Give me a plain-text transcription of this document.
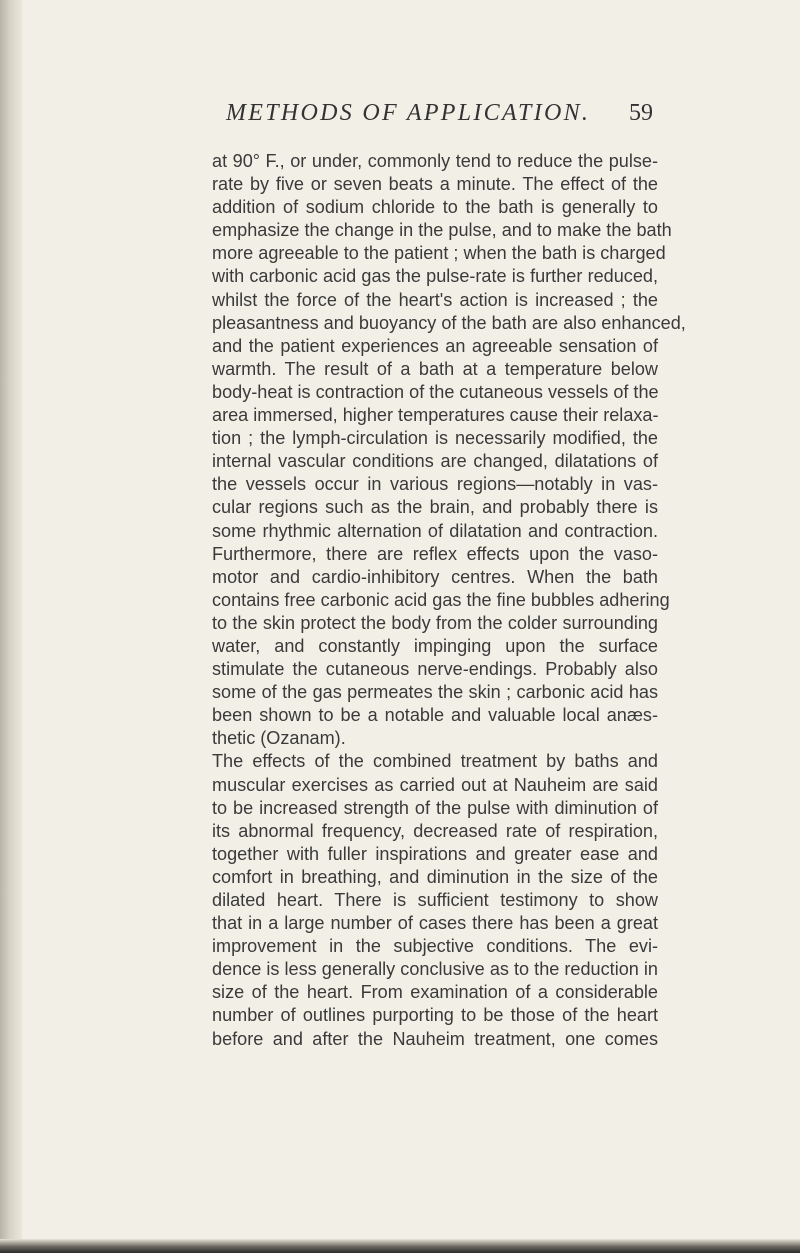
METHODS OF APPLICATION. 59
at 90° F., or under, commonly tend to reduce the pulse-
rate by five or seven beats a minute. The effect of the
addition of sodium chloride to the bath is generally to
emphasize the change in the pulse, and to make the bath
more agreeable to the patient ; when the bath is charged
with carbonic acid gas the pulse-rate is further reduced,
whilst the force of the heart's action is increased ; the
pleasantness and buoyancy of the bath are also enhanced,
and the patient experiences an agreeable sensation of
warmth. The result of a bath at a temperature below
body-heat is contraction of the cutaneous vessels of the
area immersed, higher temperatures cause their relaxa-
tion ; the lymph-circulation is necessarily modified, the
internal vascular conditions are changed, dilatations of
the vessels occur in various regions—notably in vas-
cular regions such as the brain, and probably there is
some rhythmic alternation of dilatation and contraction.
Furthermore, there are reflex effects upon the vaso-
motor and cardio-inhibitory centres. When the bath
contains free carbonic acid gas the fine bubbles adhering
to the skin protect the body from the colder surrounding
water, and constantly impinging upon the surface
stimulate the cutaneous nerve-endings. Probably also
some of the gas permeates the skin ; carbonic acid has
been shown to be a notable and valuable local anæs-
thetic (Ozanam).
The effects of the combined treatment by baths and
muscular exercises as carried out at Nauheim are said
to be increased strength of the pulse with diminution of
its abnormal frequency, decreased rate of respiration,
together with fuller inspirations and greater ease and
comfort in breathing, and diminution in the size of the
dilated heart. There is sufficient testimony to show
that in a large number of cases there has been a great
improvement in the subjective conditions. The evi-
dence is less generally conclusive as to the reduction in
size of the heart. From examination of a considerable
number of outlines purporting to be those of the heart
before and after the Nauheim treatment, one comes
